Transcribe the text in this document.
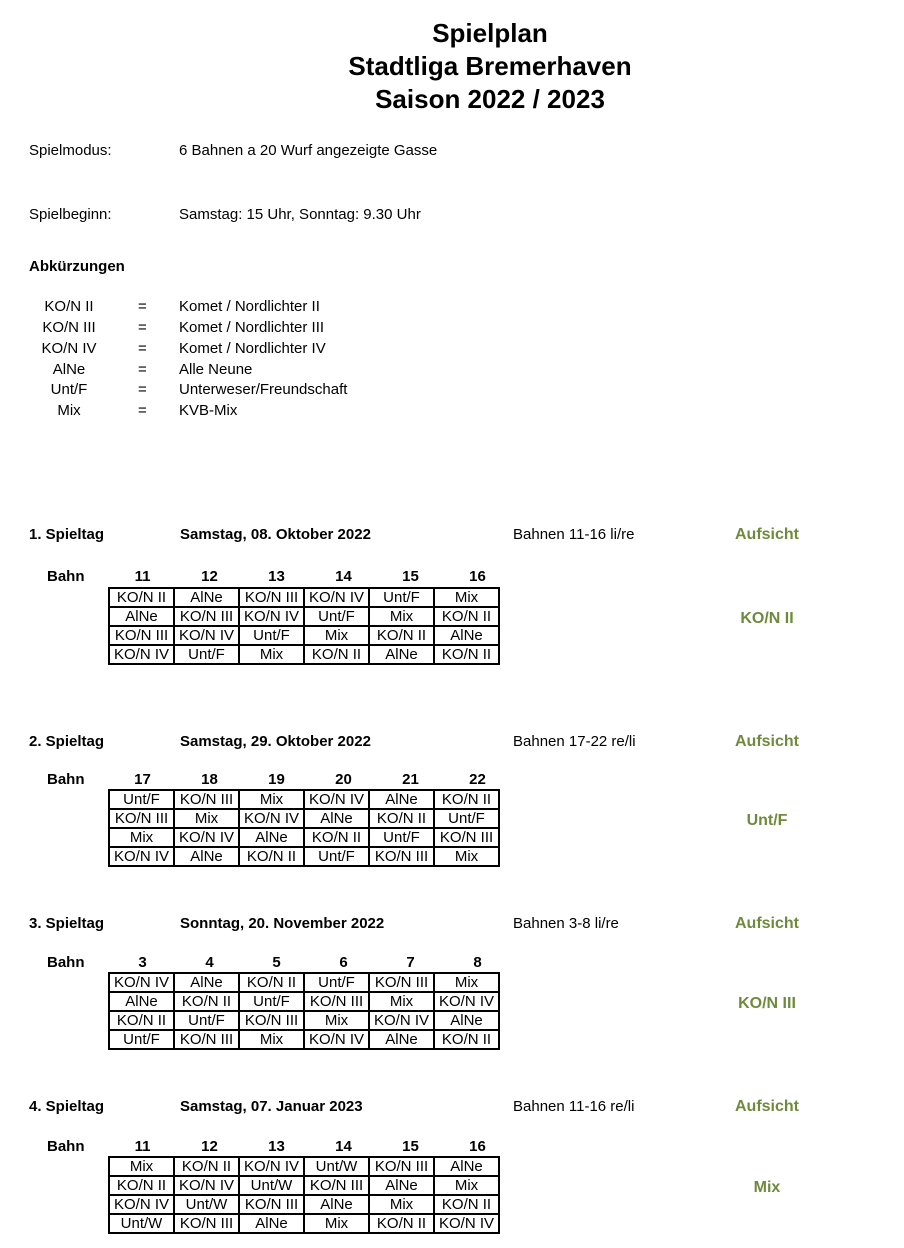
Spielplan
Stadtliga Bremerhaven
Saison 2022 / 2023
Spielmodus:	6 Bahnen a 20 Wurf angezeigte Gasse
Spielbeginn:	Samstag: 15 Uhr, Sonntag: 9.30 Uhr
Abkürzungen
KO/N II	= Komet / Nordlichter II
KO/N III	= Komet / Nordlichter III
KO/N IV	= Komet / Nordlichter IV
AlNe	= Alle Neune
Unt/F	= Unterweser/Freundschaft
Mix	= KVB-Mix
1. Spieltag	Samstag, 08. Oktober 2022	Bahnen 11-16 li/re	Aufsicht
Bahn	11	12	13	14	15	16
KO/N II	AlNe	KO/N III	KO/N IV	Unt/F	Mix
AlNe	KO/N III	KO/N IV	Unt/F	Mix	KO/N II
KO/N III	KO/N IV	Unt/F	Mix	KO/N II	AlNe
KO/N IV	Unt/F	Mix	KO/N II	AlNe	KO/N II
KO/N II
2. Spieltag	Samstag, 29. Oktober 2022	Bahnen 17-22 re/li	Aufsicht
Bahn	17	18	19	20	21	22
Unt/F	KO/N III	Mix	KO/N IV	AlNe	KO/N II
KO/N III	Mix	KO/N IV	AlNe	KO/N II	Unt/F
Mix	KO/N IV	AlNe	KO/N II	Unt/F	KO/N III
KO/N IV	AlNe	KO/N II	Unt/F	KO/N III	Mix
Unt/F
3. Spieltag	Sonntag, 20. November 2022	Bahnen 3-8 li/re	Aufsicht
Bahn	3	4	5	6	7	8
KO/N IV	AlNe	KO/N II	Unt/F	KO/N III	Mix
AlNe	KO/N II	Unt/F	KO/N III	Mix	KO/N IV
KO/N II	Unt/F	KO/N III	Mix	KO/N IV	AlNe
Unt/F	KO/N III	Mix	KO/N IV	AlNe	KO/N II
KO/N III
4. Spieltag	Samstag, 07. Januar 2023	Bahnen 11-16 re/li	Aufsicht
Bahn	11	12	13	14	15	16
Mix	KO/N II	KO/N IV	Unt/W	KO/N III	AlNe
KO/N II	KO/N IV	Unt/W	KO/N III	AlNe	Mix
KO/N IV	Unt/W	KO/N III	AlNe	Mix	KO/N II
Unt/W	KO/N III	AlNe	Mix	KO/N II	KO/N IV
Mix
